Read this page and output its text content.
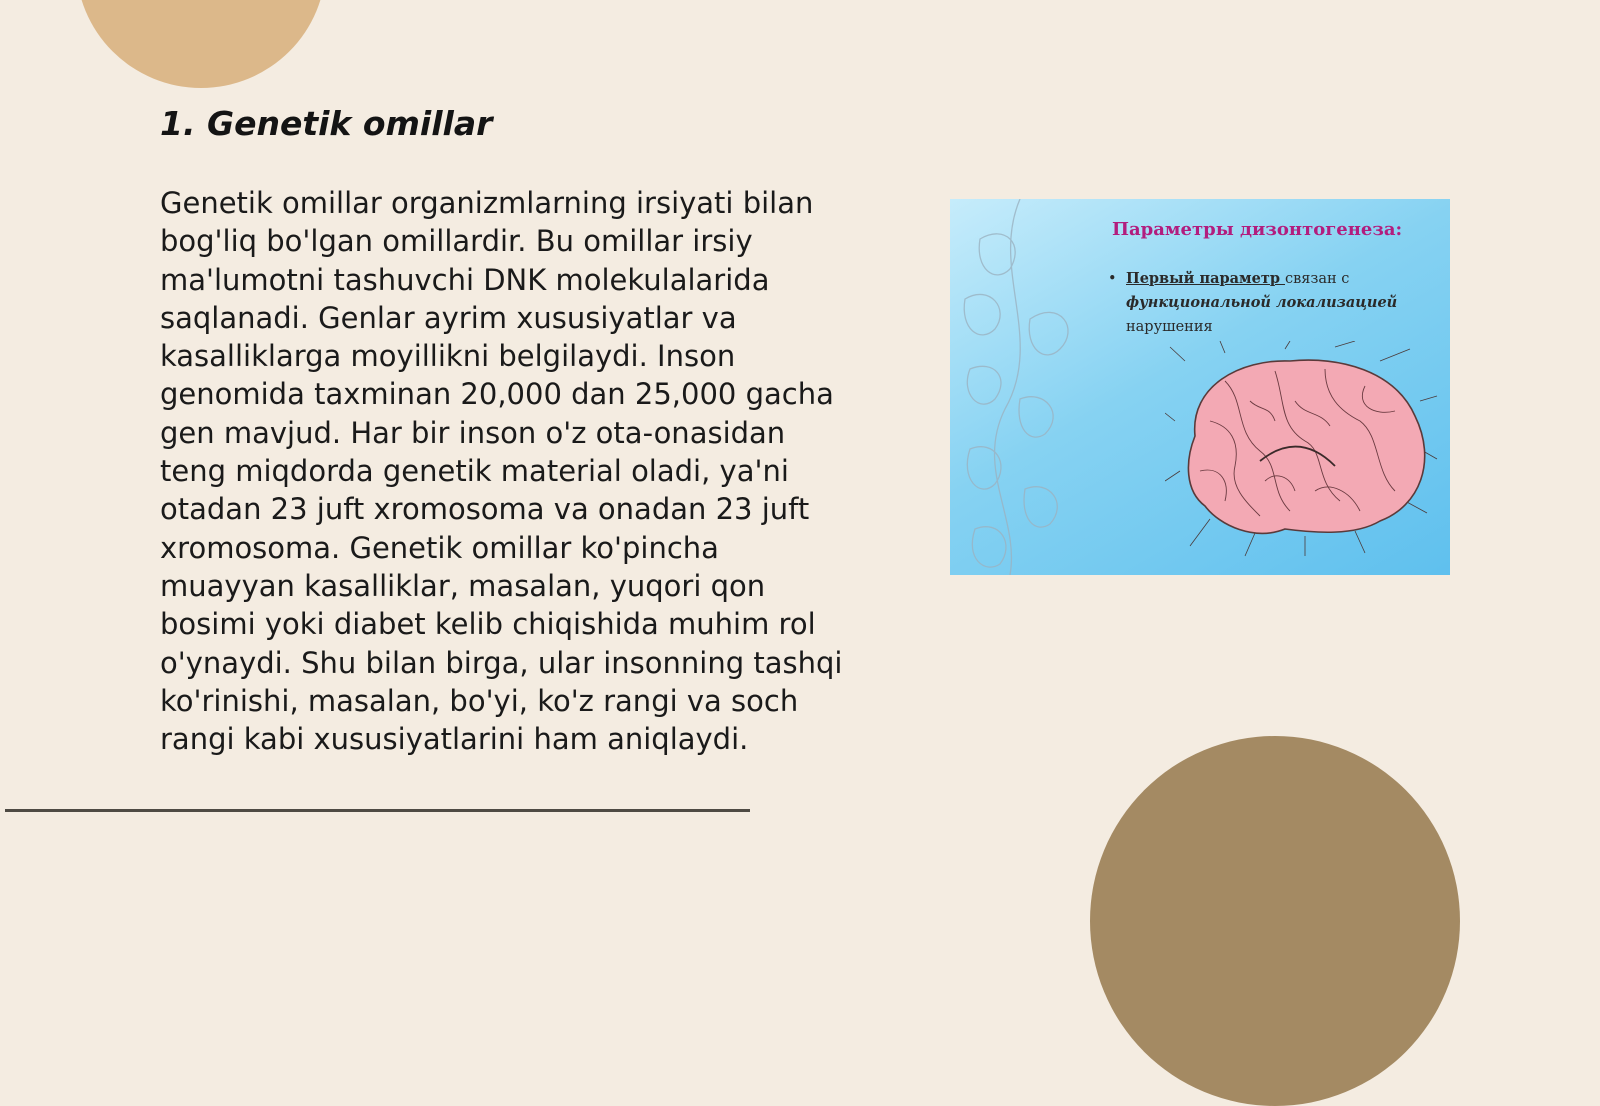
1. Genetik omillar

Genetik omillar organizmlarning irsiyati bilan bog'liq bo'lgan omillardir. Bu omillar irsiy ma'lumotni tashuvchi DNK molekulalarida saqlanadi. Genlar ayrim xususiyatlar va kasalliklarga moyillikni belgilaydi. Inson genomida taxminan 20,000 dan 25,000 gacha gen mavjud. Har bir inson o'z ota-onasidan teng miqdorda genetik material oladi, ya'ni otadan 23 juft xromosoma va onadan 23 juft xromosoma. Genetik omillar ko'pincha muayyan kasalliklar, masalan, yuqori qon bosimi yoki diabet kelib chiqishida muhim rol o'ynaydi. Shu bilan birga, ular insonning tashqi ko'rinishi, masalan, bo'yi, ko'z rangi va soch rangi kabi xususiyatlarini ham aniqlaydi.

Параметры дизонтогенеза:
• Первый параметр связан с функциональной локализацией нарушения
